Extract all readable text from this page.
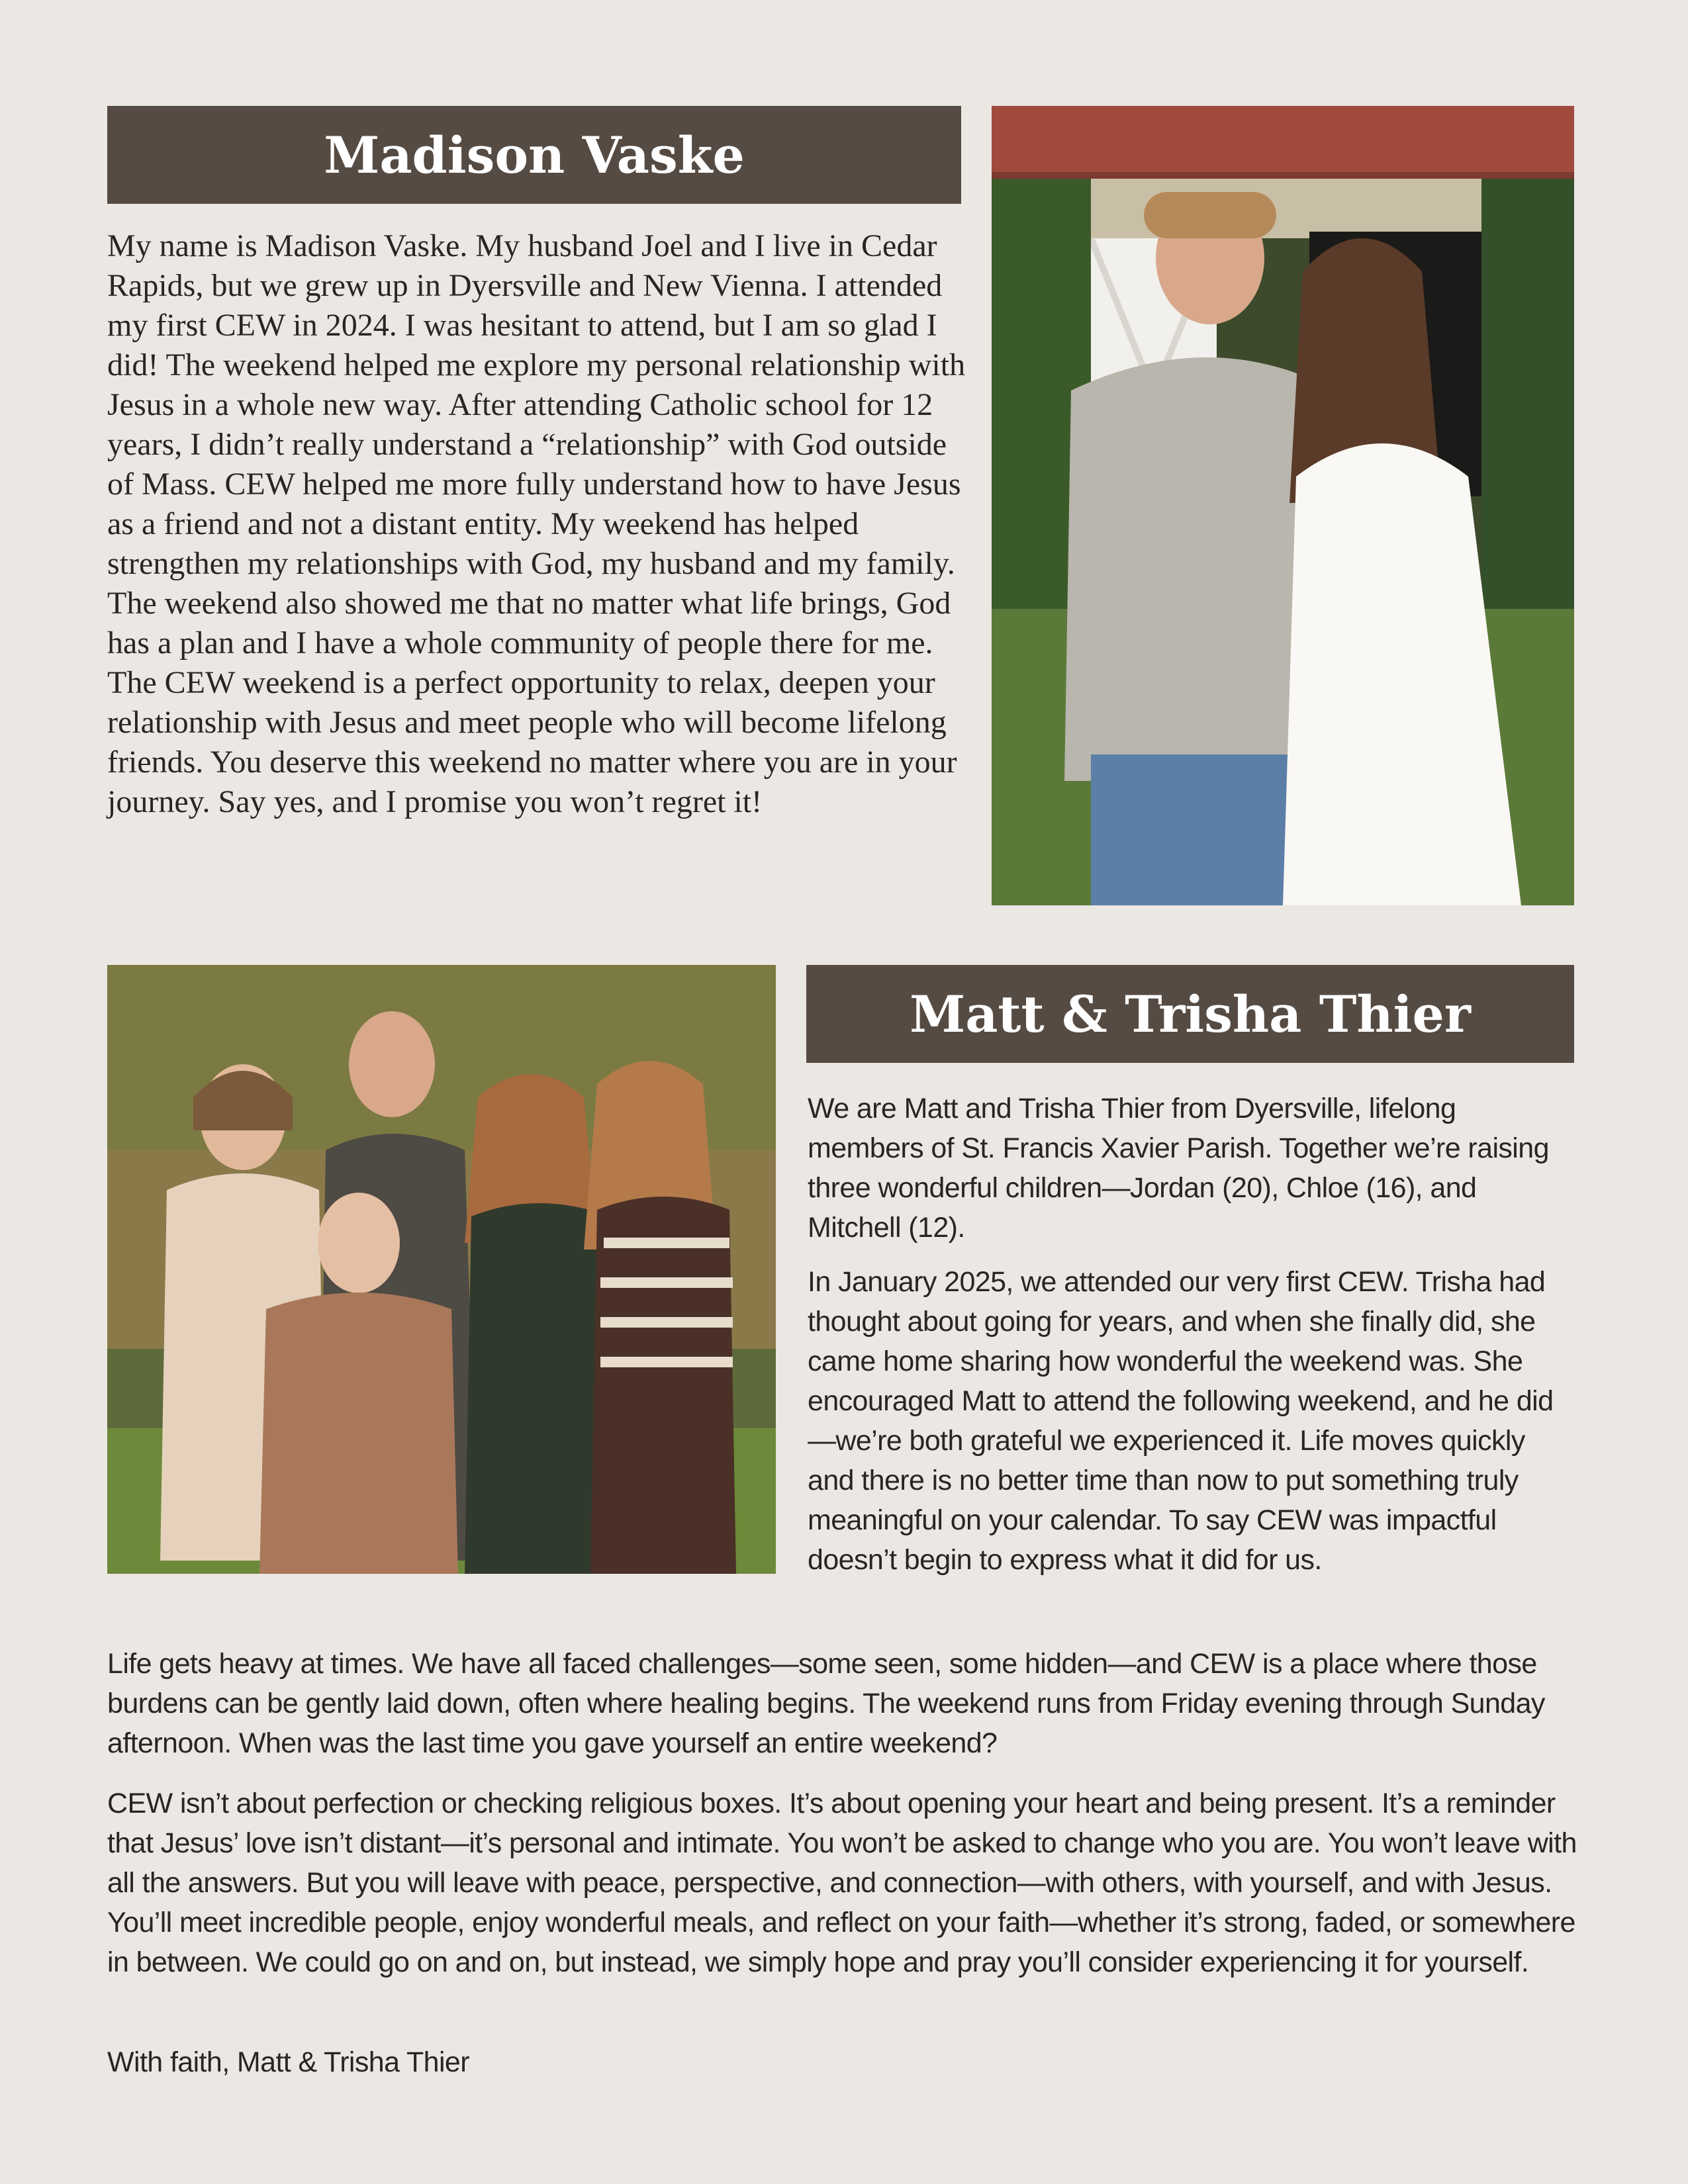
Madison Vaske

My name is Madison Vaske. My husband Joel and I live in Cedar Rapids, but we grew up in Dyersville and New Vienna. I attended my first CEW in 2024. I was hesitant to attend, but I am so glad I did! The weekend helped me explore my personal relationship with Jesus in a whole new way. After attending Catholic school for 12 years, I didn’t really understand a “relationship” with God outside of Mass. CEW helped me more fully understand how to have Jesus as a friend and not a distant entity. My weekend has helped strengthen my relationships with God, my husband and my family. The weekend also showed me that no matter what life brings, God has a plan and I have a whole community of people there for me. The CEW weekend is a perfect opportunity to relax, deepen your relationship with Jesus and meet people who will become lifelong friends. You deserve this weekend no matter where you are in your journey. Say yes, and I promise you won’t regret it!

Matt & Trisha Thier

We are Matt and Trisha Thier from Dyersville, lifelong members of St. Francis Xavier Parish. Together we’re raising three wonderful children—Jordan (20), Chloe (16), and Mitchell (12).

In January 2025, we attended our very first CEW. Trisha had thought about going for years, and when she finally did, she came home sharing how wonderful the weekend was. She encouraged Matt to attend the following weekend, and he did—we’re both grateful we experienced it. Life moves quickly and there is no better time than now to put something truly meaningful on your calendar. To say CEW was impactful doesn’t begin to express what it did for us.

Life gets heavy at times. We have all faced challenges—some seen, some hidden—and CEW is a place where those burdens can be gently laid down, often where healing begins. The weekend runs from Friday evening through Sunday afternoon. When was the last time you gave yourself an entire weekend?

CEW isn’t about perfection or checking religious boxes. It’s about opening your heart and being present. It’s a reminder that Jesus’ love isn’t distant—it’s personal and intimate. You won’t be asked to change who you are. You won’t leave with all the answers. But you will leave with peace, perspective, and connection—with others, with yourself, and with Jesus. You’ll meet incredible people, enjoy wonderful meals, and reflect on your faith—whether it’s strong, faded, or somewhere in between. We could go on and on, but instead, we simply hope and pray you’ll consider experiencing it for yourself.

With faith, Matt & Trisha Thier
